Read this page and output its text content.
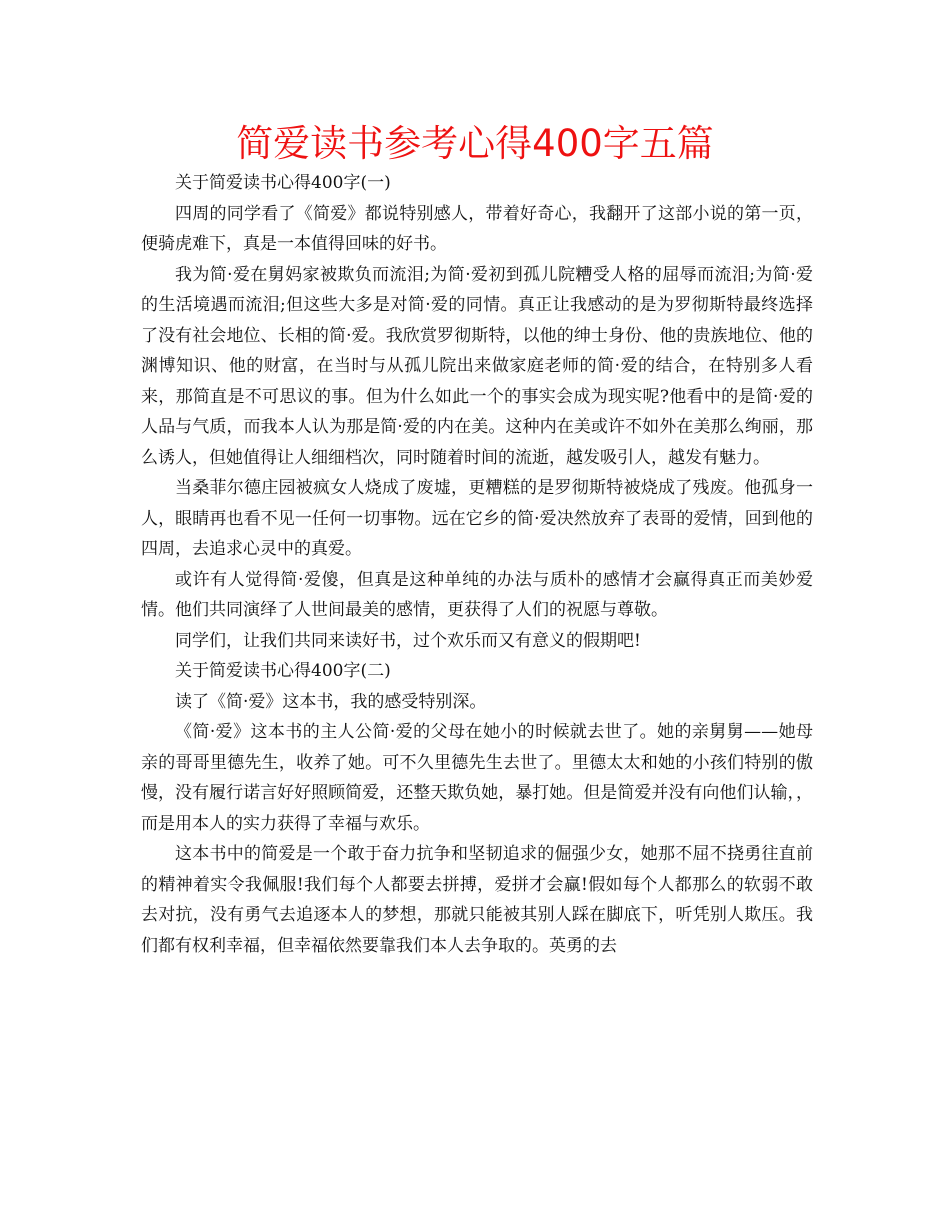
简爱读书参考心得400字五篇

关于简爱读书心得400字(一)

四周的同学看了《简爱》都说特别感人，带着好奇心，我翻开了这部小说的第一页，便骑虎难下，真是一本值得回味的好书。

我为简·爱在舅妈家被欺负而流泪;为简·爱初到孤儿院糟受人格的屈辱而流泪;为简·爱的生活境遇而流泪;但这些大多是对简·爱的同情。真正让我感动的是为罗彻斯特最终选择了没有社会地位、长相的简·爱。我欣赏罗彻斯特，以他的绅士身份、他的贵族地位、他的渊博知识、他的财富，在当时与从孤儿院出来做家庭老师的简·爱的结合，在特别多人看来，那简直是不可思议的事。但为什么如此一个的事实会成为现实呢?他看中的是简·爱的人品与气质，而我本人认为那是简·爱的内在美。这种内在美或许不如外在美那么绚丽，那么诱人，但她值得让人细细档次，同时随着时间的流逝，越发吸引人，越发有魅力。

当桑菲尔德庄园被疯女人烧成了废墟，更糟糕的是罗彻斯特被烧成了残废。他孤身一人，眼睛再也看不见一任何一切事物。远在它乡的简·爱决然放弃了表哥的爱情，回到他的四周，去追求心灵中的真爱。

或许有人觉得简·爱傻，但真是这种单纯的办法与质朴的感情才会赢得真正而美妙爱情。他们共同演绎了人世间最美的感情，更获得了人们的祝愿与尊敬。

同学们，让我们共同来读好书，过个欢乐而又有意义的假期吧!

关于简爱读书心得400字(二)

读了《简·爱》这本书，我的感受特别深。

《简·爱》这本书的主人公简·爱的父母在她小的时候就去世了。她的亲舅舅——她母亲的哥哥里德先生，收养了她。可不久里德先生去世了。里德太太和她的小孩们特别的傲慢，没有履行诺言好好照顾简爱，还整天欺负她，暴打她。但是简爱并没有向他们认输，，而是用本人的实力获得了幸福与欢乐。

这本书中的简爱是一个敢于奋力抗争和坚韧追求的倔强少女，她那不屈不挠勇往直前的精神着实令我佩服!我们每个人都要去拼搏，爱拼才会赢!假如每个人都那么的软弱不敢去对抗，没有勇气去追逐本人的梦想，那就只能被其别人踩在脚底下，听凭别人欺压。我们都有权利幸福，但幸福依然要靠我们本人去争取的。英勇的去
